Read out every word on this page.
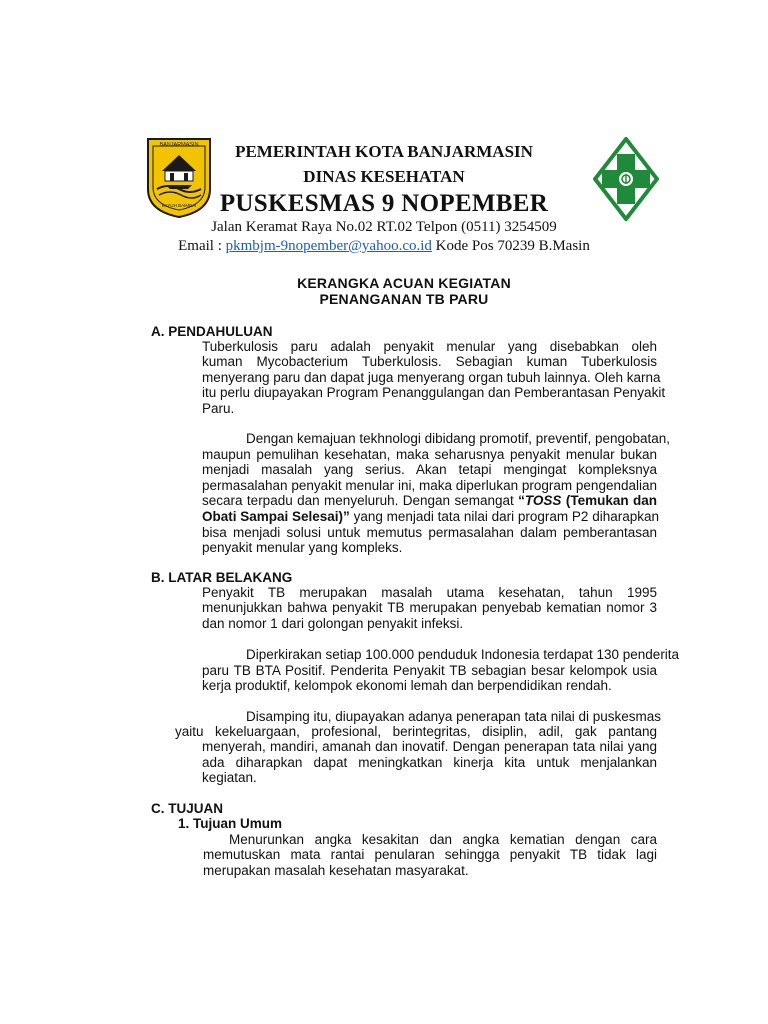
BANJARMASIN
KAYUH BAIMBAI
PEMERINTAH KOTA BANJARMASIN
DINAS KESEHATAN
PUSKESMAS 9 NOPEMBER
Jalan Keramat Raya No.02 RT.02 Telpon (0511) 3254509
Email : pkmbjm-9nopember@yahoo.co.id Kode Pos 70239 B.Masin
KERANGKA ACUAN KEGIATAN
PENANGANAN TB PARU
A. PENDAHULUAN
Tuberkulosis paru adalah penyakit menular yang disebabkan oleh
kuman Mycobacterium Tuberkulosis. Sebagian kuman Tuberkulosis
menyerang paru dan dapat juga menyerang organ tubuh lainnya. Oleh karna
itu perlu diupayakan Program Penanggulangan dan Pemberantasan Penyakit
Paru.
Dengan kemajuan tekhnologi dibidang promotif, preventif, pengobatan,
maupun pemulihan kesehatan, maka seharusnya penyakit menular bukan
menjadi masalah yang serius. Akan tetapi mengingat kompleksnya
permasalahan penyakit menular ini, maka diperlukan program pengendalian
secara terpadu dan menyeluruh. Dengan semangat “TOSS (Temukan dan
Obati Sampai Selesai)” yang menjadi tata nilai dari program P2 diharapkan
bisa menjadi solusi untuk memutus permasalahan dalam pemberantasan
penyakit menular yang kompleks.
B. LATAR BELAKANG
Penyakit TB merupakan masalah utama kesehatan, tahun 1995
menunjukkan bahwa penyakit TB merupakan penyebab kematian nomor 3
dan nomor 1 dari golongan penyakit infeksi.
Diperkirakan setiap 100.000 penduduk Indonesia terdapat 130 penderita
paru TB BTA Positif. Penderita Penyakit TB sebagian besar kelompok usia
kerja produktif, kelompok ekonomi lemah dan berpendidikan rendah.
Disamping itu, diupayakan adanya penerapan tata nilai di puskesmas
yaitu kekeluargaan, profesional, berintegritas, disiplin, adil, gak pantang
menyerah, mandiri, amanah dan inovatif. Dengan penerapan tata nilai yang
ada diharapkan dapat meningkatkan kinerja kita untuk menjalankan
kegiatan.
C. TUJUAN
1. Tujuan Umum
Menurunkan angka kesakitan dan angka kematian dengan cara
memutuskan mata rantai penularan sehingga penyakit TB tidak lagi
merupakan masalah kesehatan masyarakat.
